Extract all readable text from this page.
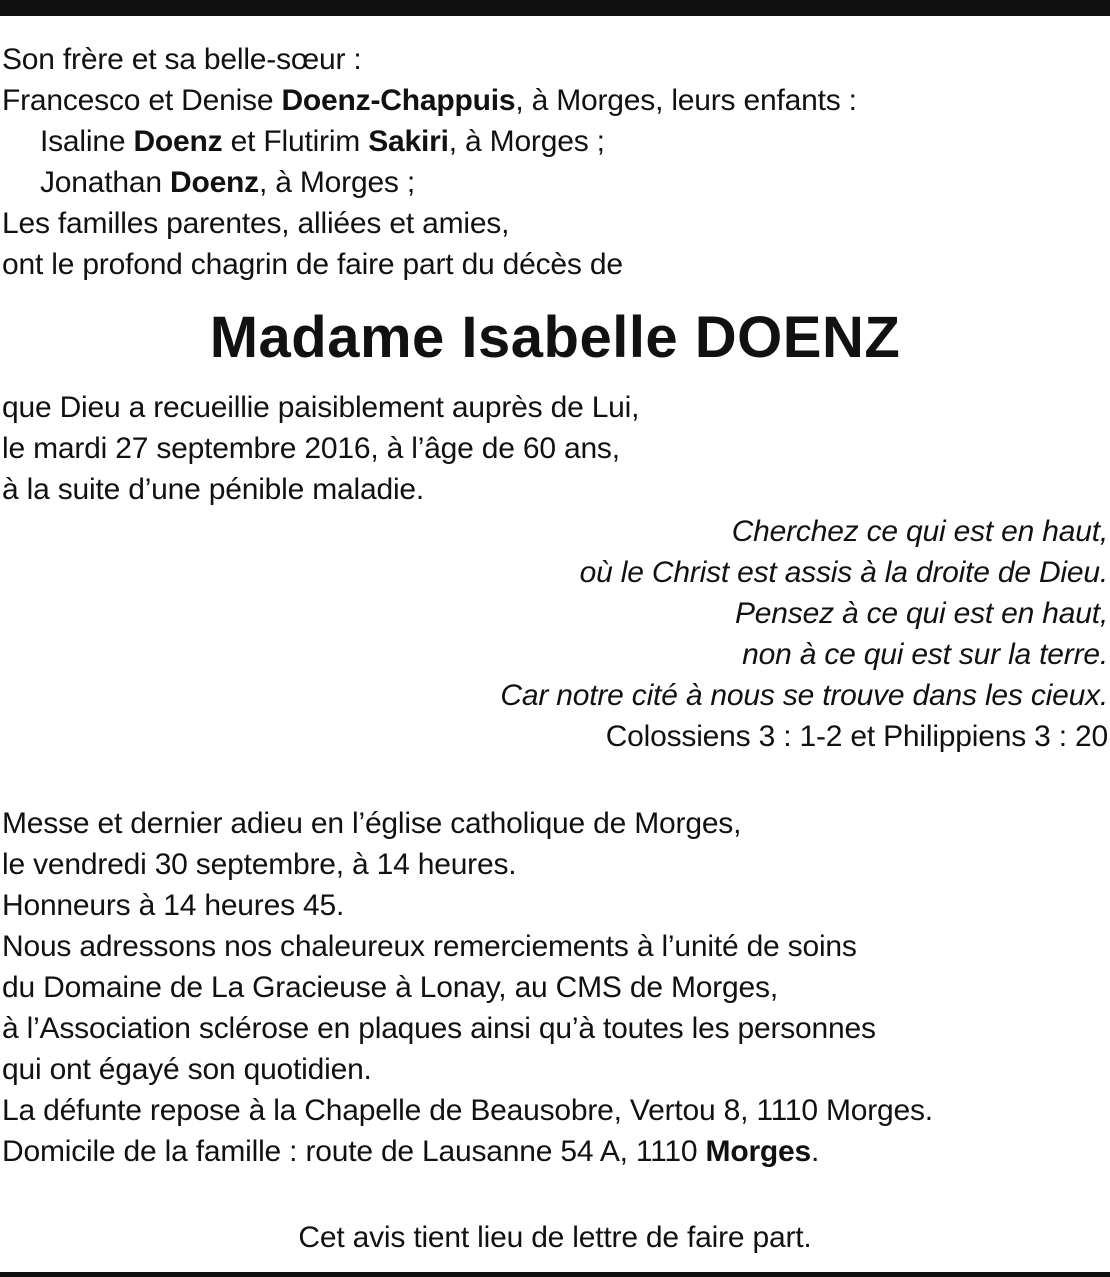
Son frère et sa belle-sœur :
Francesco et Denise Doenz-Chappuis, à Morges, leurs enfants :
Isaline Doenz et Flutirim Sakiri, à Morges ;
Jonathan Doenz, à Morges ;
Les familles parentes, alliées et amies,
ont le profond chagrin de faire part du décès de
Madame Isabelle DOENZ
que Dieu a recueillie paisiblement auprès de Lui,
le mardi 27 septembre 2016, à l’âge de 60 ans,
à la suite d’une pénible maladie.
Cherchez ce qui est en haut,
où le Christ est assis à la droite de Dieu.
Pensez à ce qui est en haut,
non à ce qui est sur la terre.
Car notre cité à nous se trouve dans les cieux.
Colossiens 3 : 1-2 et Philippiens 3 : 20
Messe et dernier adieu en l’église catholique de Morges,
le vendredi 30 septembre, à 14 heures.
Honneurs à 14 heures 45.
Nous adressons nos chaleureux remerciements à l’unité de soins
du Domaine de La Gracieuse à Lonay, au CMS de Morges,
à l’Association sclérose en plaques ainsi qu’à toutes les personnes
qui ont égayé son quotidien.
La défunte repose à la Chapelle de Beausobre, Vertou 8, 1110 Morges.
Domicile de la famille : route de Lausanne 54 A, 1110 Morges.
Cet avis tient lieu de lettre de faire part.
